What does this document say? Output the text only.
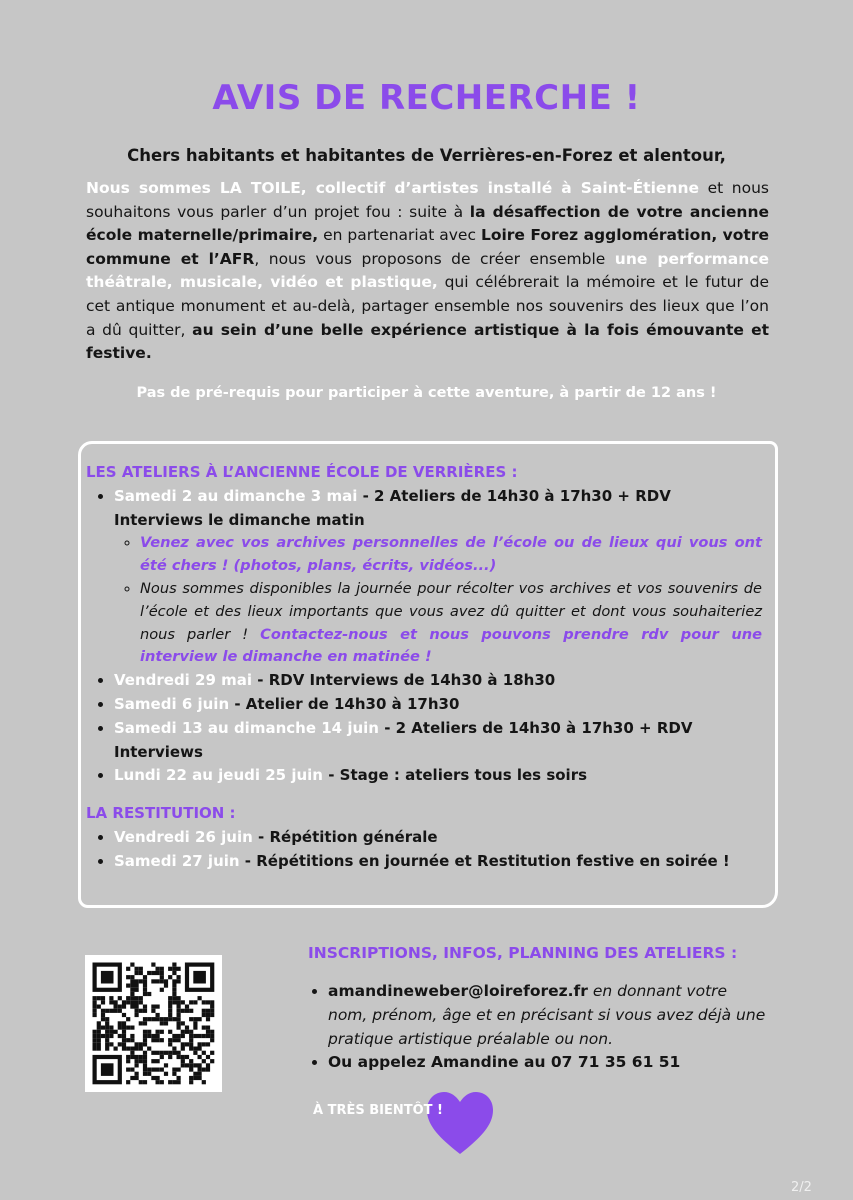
AVIS DE RECHERCHE !
Chers habitants et habitantes de Verrières-en-Forez et alentour,
Nous sommes LA TOILE, collectif d’artistes installé à Saint-Étienne et nous souhaitons vous parler d’un projet fou : suite à la désaffection de votre ancienne école maternelle/primaire, en partenariat avec Loire Forez agglomération, votre commune et l’AFR, nous vous proposons de créer ensemble une performance théâtrale, musicale, vidéo et plastique, qui célébrerait la mémoire et le futur de cet antique monument et au-delà, partager ensemble nos souvenirs des lieux que l’on a dû quitter, au sein d’une belle expérience artistique à la fois émouvante et festive.
Pas de pré-requis pour participer à cette aventure, à partir de 12 ans !
LES ATELIERS À L’ANCIENNE ÉCOLE DE VERRIÈRES :
• Samedi 2 au dimanche 3 mai - 2 Ateliers de 14h30 à 17h30 + RDV Interviews le dimanche matin
◦ Venez avec vos archives personnelles de l’école ou de lieux qui vous ont été chers ! (photos, plans, écrits, vidéos...)
◦ Nous sommes disponibles la journée pour récolter vos archives et vos souvenirs de l’école et des lieux importants que vous avez dû quitter et dont vous souhaiteriez nous parler ! Contactez-nous et nous pouvons prendre rdv pour une interview le dimanche en matinée !
• Vendredi 29 mai - RDV Interviews de 14h30 à 18h30
• Samedi 6 juin - Atelier de 14h30 à 17h30
• Samedi 13 au dimanche 14 juin - 2 Ateliers de 14h30 à 17h30 + RDV Interviews
• Lundi 22 au jeudi 25 juin - Stage : ateliers tous les soirs
LA RESTITUTION :
• Vendredi 26 juin - Répétition générale
• Samedi 27 juin - Répétitions en journée et Restitution festive en soirée !
INSCRIPTIONS, INFOS, PLANNING DES ATELIERS :
• amandineweber@loireforez.fr en donnant votre nom, prénom, âge et en précisant si vous avez déjà une pratique artistique préalable ou non.
• Ou appelez Amandine au 07 71 35 61 51
À TRÈS BIENTÔT !
2/2
